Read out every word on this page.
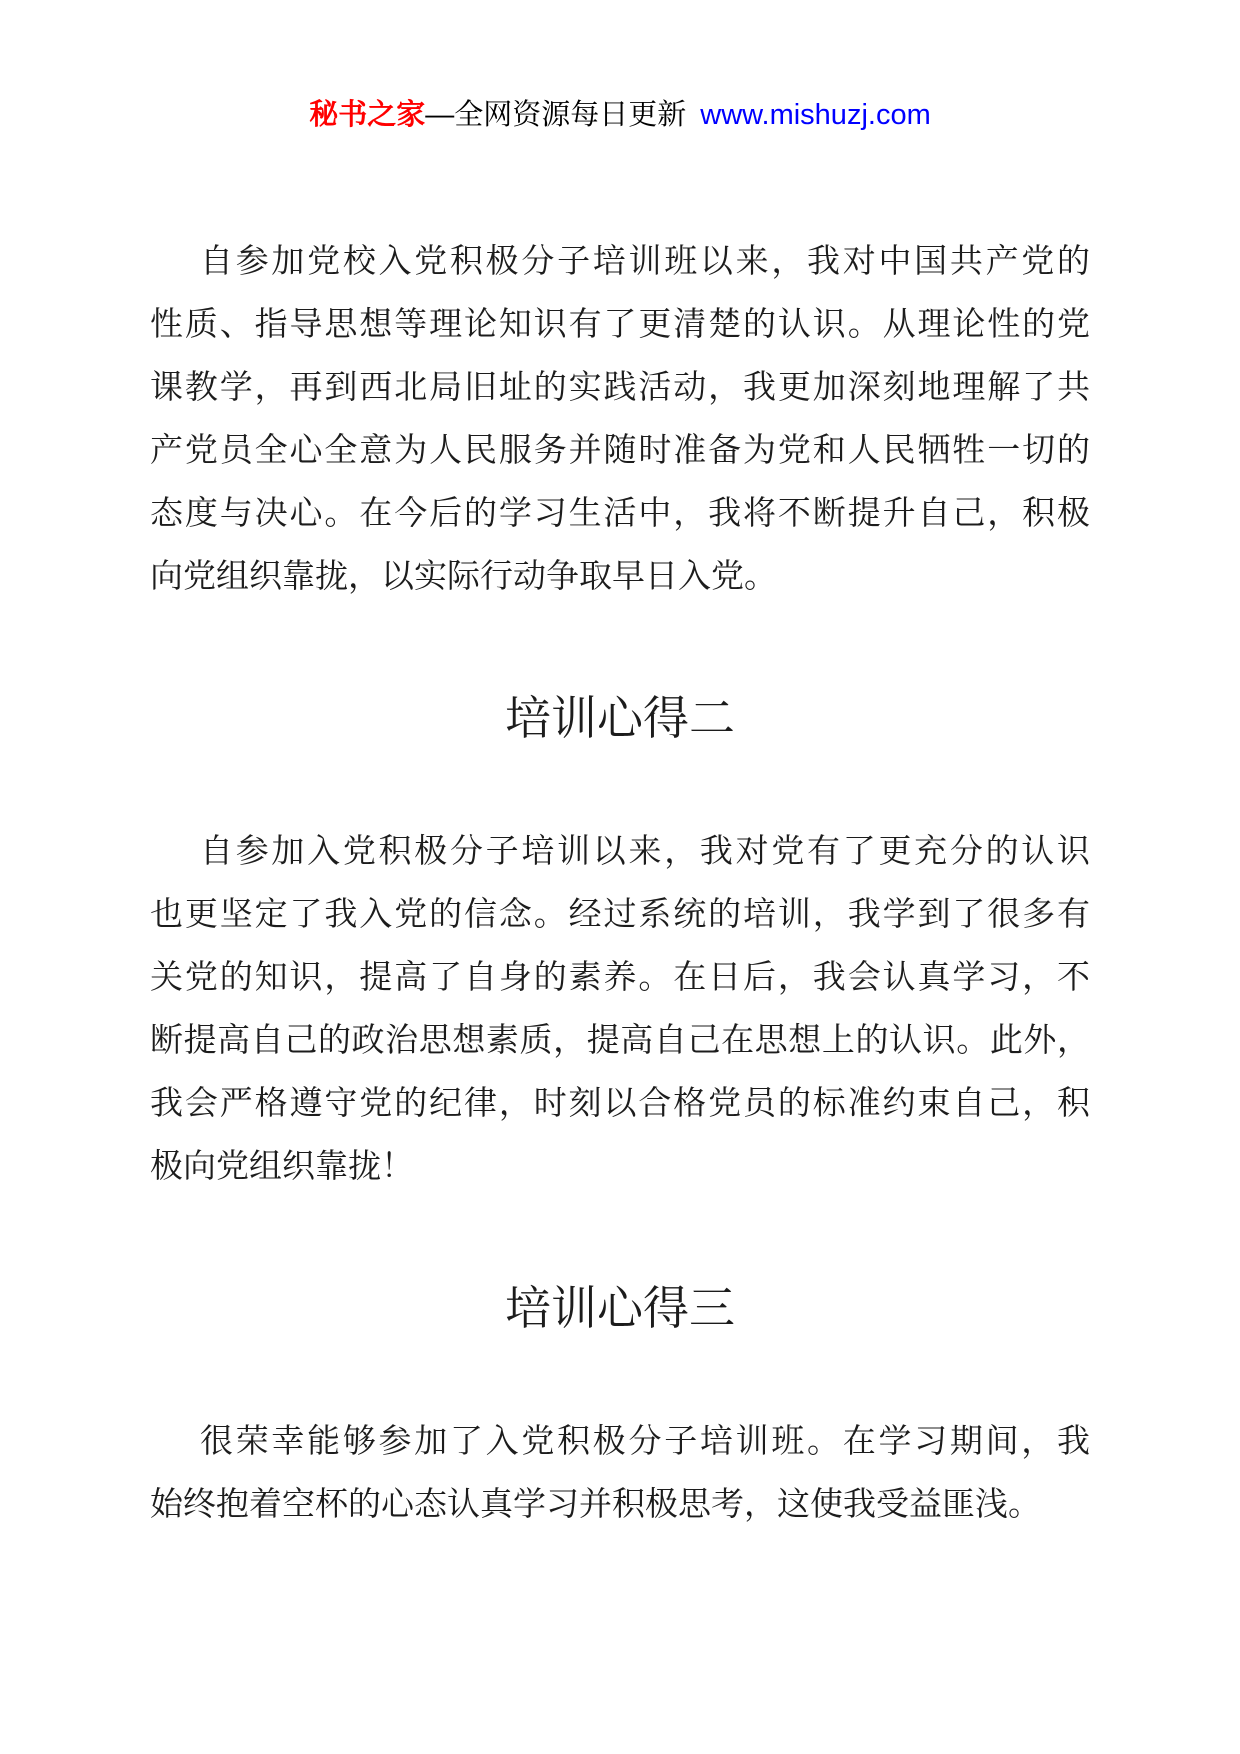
秘书之家—全网资源每日更新 www.mishuzj.com
自参加党校入党积极分子培训班以来，我对中国共产党的
性质、指导思想等理论知识有了更清楚的认识。从理论性的党
课教学，再到西北局旧址的实践活动，我更加深刻地理解了共
产党员全心全意为人民服务并随时准备为党和人民牺牲一切的
态度与决心。在今后的学习生活中，我将不断提升自己，积极
向党组织靠拢，以实际行动争取早日入党。
培训心得二
自参加入党积极分子培训以来，我对党有了更充分的认识
也更坚定了我入党的信念。经过系统的培训，我学到了很多有
关党的知识，提高了自身的素养。在日后，我会认真学习，不
断提高自己的政治思想素质，提高自己在思想上的认识。此外，
我会严格遵守党的纪律，时刻以合格党员的标准约束自己，积
极向党组织靠拢！
培训心得三
很荣幸能够参加了入党积极分子培训班。在学习期间，我
始终抱着空杯的心态认真学习并积极思考，这使我受益匪浅。
